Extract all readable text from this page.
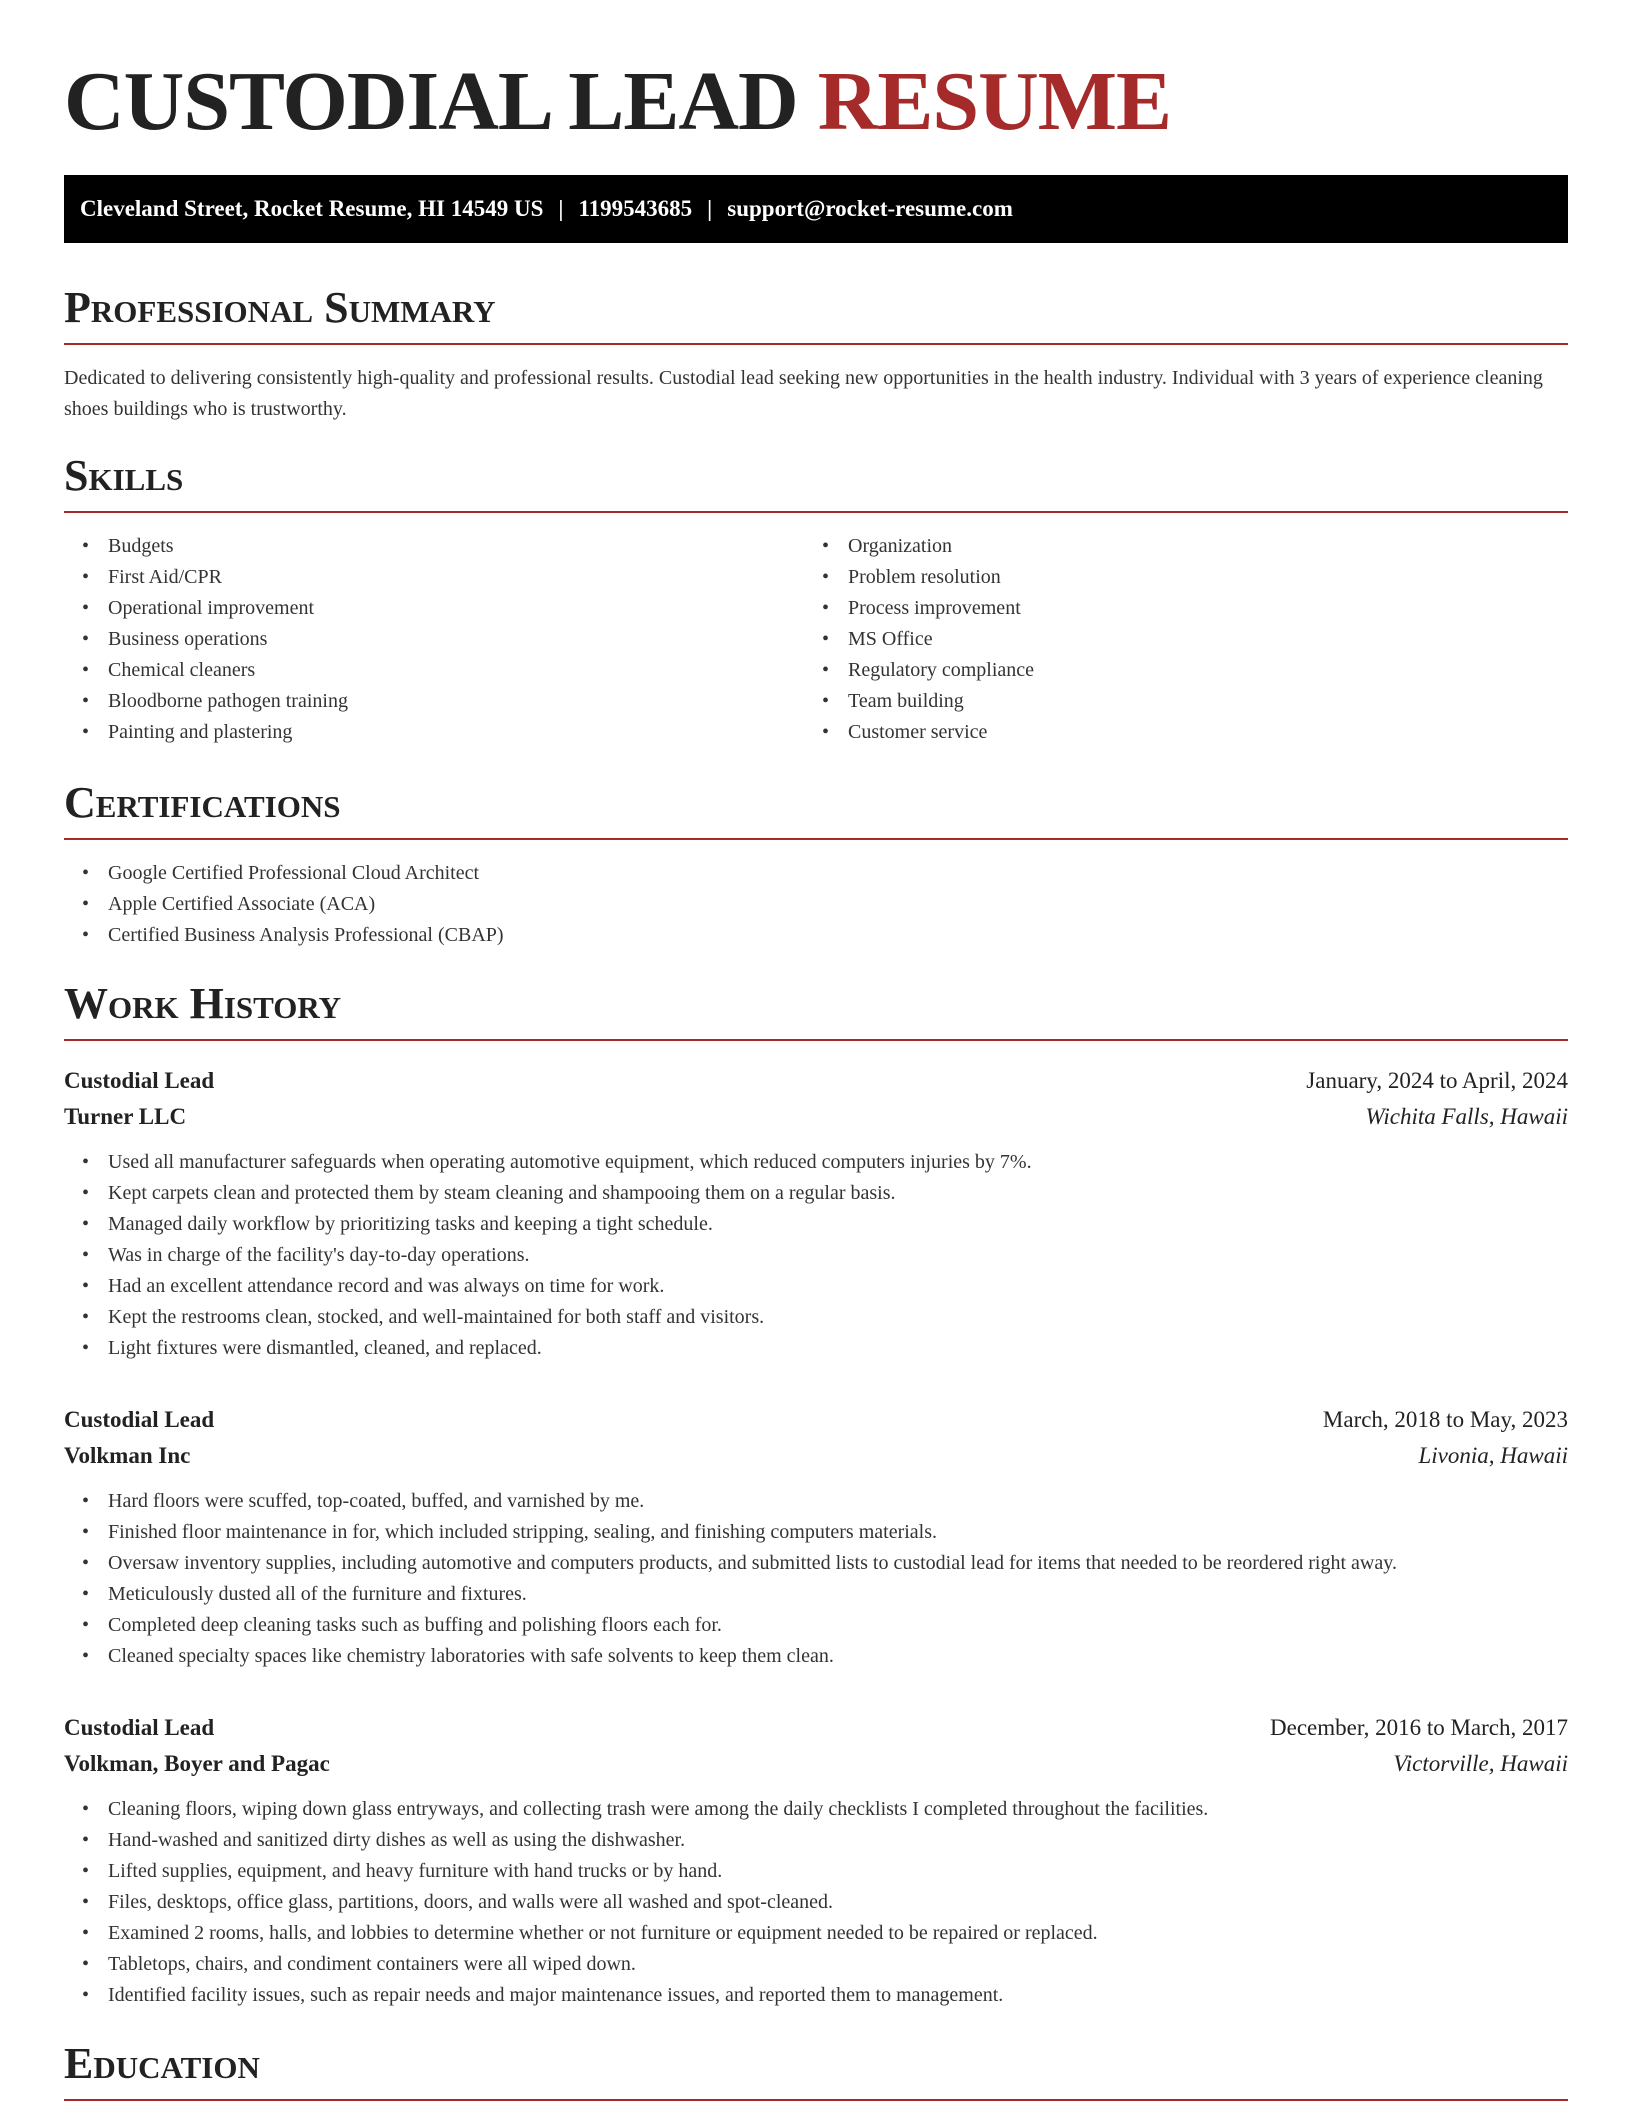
CUSTODIAL LEAD RESUME
Cleveland Street, Rocket Resume, HI 14549 US | 1199543685 | support@rocket-resume.com
Professional Summary

Dedicated to delivering consistently high-quality and professional results. Custodial lead seeking new opportunities in the health industry. Individual with 3 years of experience cleaning shoes buildings who is trustworthy.

Skills
• Budgets
• First Aid/CPR
• Operational improvement
• Business operations
• Chemical cleaners
• Bloodborne pathogen training
• Painting and plastering
• Organization
• Problem resolution
• Process improvement
• MS Office
• Regulatory compliance
• Team building
• Customer service
Certifications
• Google Certified Professional Cloud Architect
• Apple Certified Associate (ACA)
• Certified Business Analysis Professional (CBAP)
Work History
Custodial Lead	January, 2024 to April, 2024
Turner LLC	Wichita Falls, Hawaii
• Used all manufacturer safeguards when operating automotive equipment, which reduced computers injuries by 7%.
• Kept carpets clean and protected them by steam cleaning and shampooing them on a regular basis.
• Managed daily workflow by prioritizing tasks and keeping a tight schedule.
• Was in charge of the facility's day-to-day operations.
• Had an excellent attendance record and was always on time for work.
• Kept the restrooms clean, stocked, and well-maintained for both staff and visitors.
• Light fixtures were dismantled, cleaned, and replaced.
Custodial Lead	March, 2018 to May, 2023
Volkman Inc	Livonia, Hawaii
• Hard floors were scuffed, top-coated, buffed, and varnished by me.
• Finished floor maintenance in for, which included stripping, sealing, and finishing computers materials.
• Oversaw inventory supplies, including automotive and computers products, and submitted lists to custodial lead for items that needed to be reordered right away.
• Meticulously dusted all of the furniture and fixtures.
• Completed deep cleaning tasks such as buffing and polishing floors each for.
• Cleaned specialty spaces like chemistry laboratories with safe solvents to keep them clean.
Custodial Lead	December, 2016 to March, 2017
Volkman, Boyer and Pagac	Victorville, Hawaii
• Cleaning floors, wiping down glass entryways, and collecting trash were among the daily checklists I completed throughout the facilities.
• Hand-washed and sanitized dirty dishes as well as using the dishwasher.
• Lifted supplies, equipment, and heavy furniture with hand trucks or by hand.
• Files, desktops, office glass, partitions, doors, and walls were all washed and spot-cleaned.
• Examined 2 rooms, halls, and lobbies to determine whether or not furniture or equipment needed to be repaired or replaced.
• Tabletops, chairs, and condiment containers were all wiped down.
• Identified facility issues, such as repair needs and major maintenance issues, and reported them to management.
Education
